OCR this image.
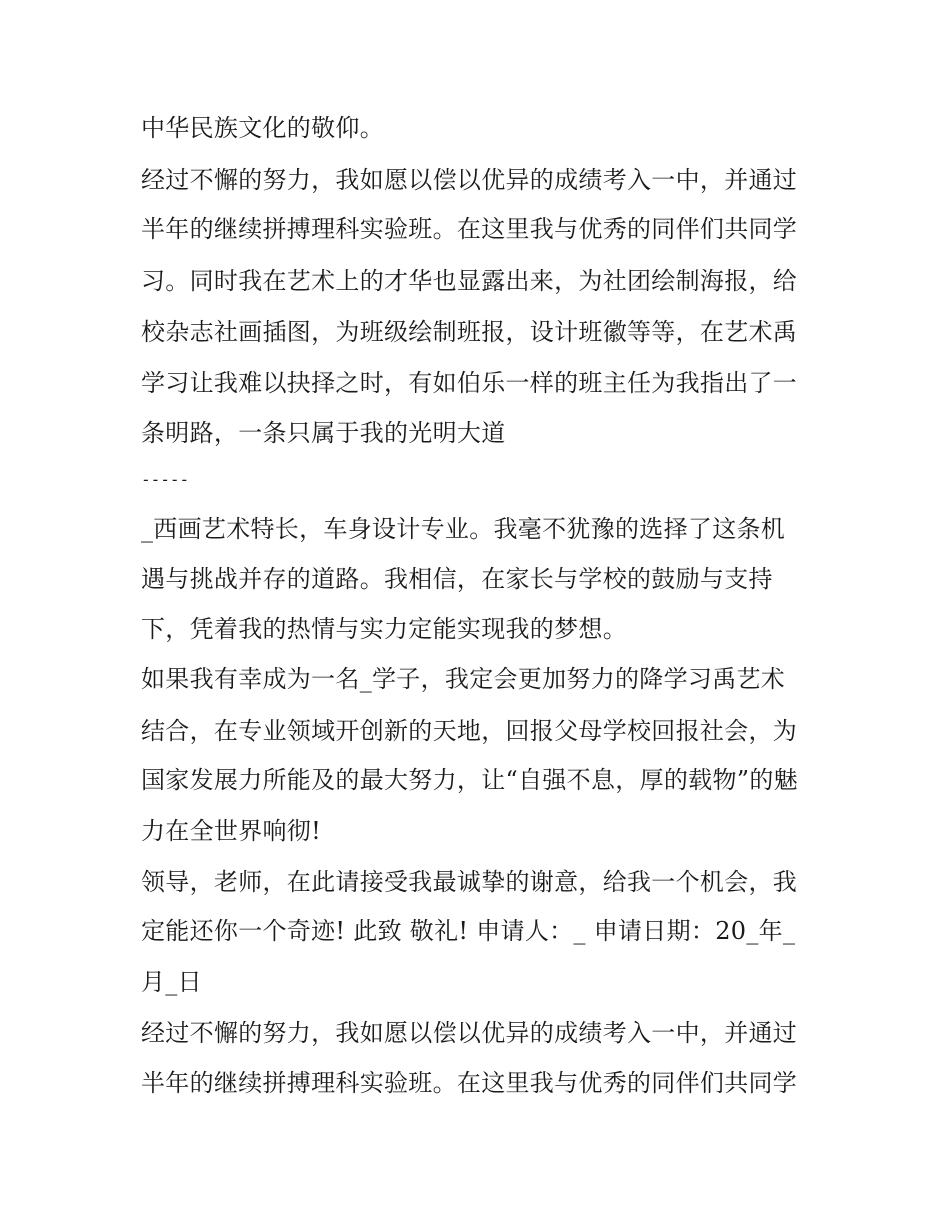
中华民族文化的敬仰。
经过不懈的努力，我如愿以偿以优异的成绩考入一中，并通过
半年的继续拼搏理科实验班。在这里我与优秀的同伴们共同学
习。同时我在艺术上的才华也显露出来，为社团绘制海报，给
校杂志社画插图，为班级绘制班报，设计班徽等等，在艺术禹
学习让我难以抉择之时，有如伯乐一样的班主任为我指出了一
条明路，一条只属于我的光明大道
-----
_西画艺术特长，车身设计专业。我毫不犹豫的选择了这条机
遇与挑战并存的道路。我相信，在家长与学校的鼓励与支持
下，凭着我的热情与实力定能实现我的梦想。
如果我有幸成为一名_学子，我定会更加努力的降学习禹艺术
结合，在专业领域开创新的天地，回报父母学校回报社会，为
国家发展力所能及的最大努力，让“自强不息，厚的载物”的魅
力在全世界响彻!
领导，老师，在此请接受我最诚挚的谢意，给我一个机会，我
定能还你一个奇迹! 此致 敬礼! 申请人：_ 申请日期：20_年_
月_日
经过不懈的努力，我如愿以偿以优异的成绩考入一中，并通过
半年的继续拼搏理科实验班。在这里我与优秀的同伴们共同学
